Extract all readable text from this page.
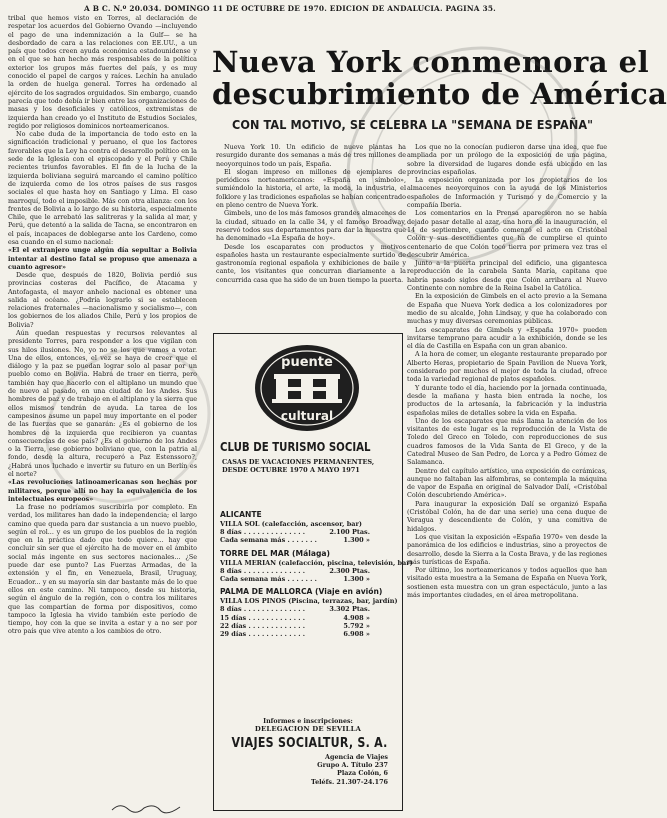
A B C. N.º 20.034. DOMINGO 11 DE OCTUBRE DE 1970. EDICION DE ANDALUCIA. PAGINA 35.

tribal que hemos visto en Torres, al declaración de respetar los acuerdos del Gobierno Ovando —incluyendo el pago de una indemnización a la Gulf— se ha desbordado de cara a las relaciones con EE.UU., a un país que todos creen ayuda económica estadounidense y en el que se han hecho más responsables de la política exterior los grupos más fuertes del país, y es muy conocido el papel de cargos y raíces. Lechín ha anulado la orden de huelga general. Torres ha ordenado al ejército de los sagrados orguidados. Sin embargo, cuando parecía que todo debía ir bien entre las organizaciones de masas y los desoficiales y católicos, extremistas de izquierda han creado yo el Instituto de Estudios Sociales, regido por religiosos dominicos norteamericanos.

No cabe duda de la importancia de todo esto en la significación tradicional y peruano, el que los factores favorables que la Ley ha contra el desarrollo político en la sede de la Iglesia con el episcopado y el Perú y Chile recientes triunfos favorables. El fin de la lucha de la izquierda boliviana seguirá marcando el camino político de izquierda como de los otros países de sus rasgos sociales el que hasta hoy en Santiago y Lima. El caso marroquí, todo el imposible. Más con otra alianza: con los frentes de Bolivia a lo largo de su historia, especialmente Chile, que le arrebató las salitreras y la salida al mar, y Perú, que detentó a la salida de Tacna, se encontraron en el país, incapaces de doblegarse ante los Cardeno, como esa cuando en el sumo nacional:

«El el extranjero unge algún día sepultar a Bolivia intentar al destino fatal se propuso que amenaza a cuanto agresor»

Desde que, después de 1820, Bolivia perdió sus provincias costeras del Pacífico, de Atacama y Antofagasta, el mayor anhelo nacional es obtener una salida al océano. ¿Podría lograrlo si se establecen relaciones fraternales —nacionalismo y socialismo—, con los gobiernos de los aliados Chile, Perú y los propios de Bolivia?

Aún quedan respuestas y recursos relevantes al presidente Torres, para responder a los que vigilan con sus hilos ilusiones. No, yo no se los que vamos a votar. Una de ellos, entonces, el vez se haya de creer que el diálogo y la paz se puedan lograr solo al pasar por un pueblo como en Bolivia. Habrá de traer en tierra, pero también hay que hacerlo con el altiplano un mundo que de nuevo al pasado, en una ciudad de los Andes. Sus hombres de paz y de trabajo en el altiplano y la sierra que ellos mismos tendrán de ayuda. La tarea de los campesinos asume un papel muy importante en el poder de las fuerzas que se ganarán: ¿Es el gobierno de los hombres de la izquierda que recibieron ya cuantas consecuencias de ese país? ¿Es el gobierno de los Andes o la Tierra, ese gobierno boliviano que, con la patria al fondo, desde la altura, recuperó a Paz Estenssoro?, ¿Habrá unos luchado e invertir su futuro en un Berlín es el norte?

«Las revoluciones latinoamericanas son hechas por militares, porque allí no hay la equivalencia de los intelectuales europeos»

La frase no podríamos suscribirla por completo. En verdad, los militares han dado la independencia; el largo camino que queda para dar sustancia a un nuevo pueblo, según el rol... y es un grupo de los pueblos de la región que en la práctica dado que todo quiere... hay que concluir sin ser que el ejército ha de mover en el ámbito social más ingente en sus sectores nacionales... ¿Se puede dar ese punto? Las Fuerzas Armadas, de la extensión y el fin, en Venezuela, Brasil, Uruguay, Ecuador... y en su mayoría sin dar bastante más de lo que ellos en este camino. Ni tampoco, desde su historia, según el ángulo de la región, con o contra los militares que las compartían de forma por dispositivos, como tampoco la Iglesia ha vivido también este período de tiempo, hoy con la que se invita a estar y a no ser por otro país que vive atento a los cambios de otro.

Nueva York conmemora el
descubrimiento de América
CON TAL MOTIVO, SE CELEBRA LA "SEMANA DE ESPAÑA"

Nueva York 10. Un edificio de nueve plantas ha resurgido durante dos semanas a más de tres millones de neoyorquinos todo un país, España.

El slogan impreso en millones de ejemplares de periódicos norteamericanos: «España en símbolo», sumiéndolo la historia, el arte, la moda, la industria, el folklore y las tradiciones españolas se habían concentrado en pleno centro de Nueva York.

Gimbels, uno de los más famosos grandes almacenes de la ciudad, situado en la calle 34, y el famoso Broadway, reservó todos sus departamentos para dar la muestra que ha denominado «La España de hoy».

Desde los escaparates con productos y motivos españoles hasta un restaurante especialmente surtido de gastronomía regional española y exhibiciones de baile y cante, los visitantes que concurran diariamente a la concurrida casa que ha sido de un buen tiempo la puerta.

Los que no la conocían pudieron darse una idea, que fue ampliada por un prólogo de la exposición de una página, sobre la diversidad de lugares donde está ubicado en las provincias españolas.

La exposición organizada por los propietarios de los almacenes neoyorquinos con la ayuda de los Ministerios españoles de Información y Turismo y de Comercio y la compañía Iberia.

Los comentarios en la Prensa aparecieron no se había dejado pasar detalle al azar, una hora de la inauguración, el 14 de septiembre, cuando comenzó el acto en Cristóbal Colón y sus descendientes que ha de cumplirse el quinto centenario de que Colón tocó tierra por primera vez tras el descubrir América.

Junto a la puerta principal del edificio, una gigantesca reproducción de la carabela Santa María, capitana que habría pasado siglos desde que Colón arribara al Nuevo Continente con nombre de la Reina Isabel la Católica.

En la exposición de Gimbels en el acto previo a la Semana de España que Nueva York dedica a los colonizadores por medio de su alcalde, John Lindsay, y que ha colaborado con muchas y muy diversas ceremonias públicas.

Los escaparates de Gimbels y «España 1970» pueden invitarse temprano para acudir a la exhibición, donde se les el día de Castilla en España con un gran abanico.

A la hora de comer, un elegante restaurante preparado por Alberto Heras, propietario de Spain Pavilion de Nueva York, considerado por muchos el mejor de toda la ciudad, ofrece toda la variedad regional de platos españoles.

Y durante todo el día, haciendo por la jornada continuada, desde la mañana y hasta bien entrada la noche, los productos de la artesanía, la fabricación y la industria españolas miles de detalles sobre la vida en España.

Uno de los escaparates que más llama la atención de los visitantes de este lugar es la reproducción de la Vista de Toledo del Greco en Toledo, con reproducciones de sus cuadros famosos de la Vida Santa de El Greco, y de la Catedral Museo de San Pedro, de Lorca y a Pedro Gómez de Salamanca.

Dentro del capítulo artístico, una exposición de cerámicas, aunque no faltaban las alfombras, se contempla la máquina de vapor de España en original de Salvador Dalí, «Cristóbal Colón descubriendo América».

Para inaugurar la exposición Dalí se organizó España (Cristóbal Colón, ha de dar una serie) una cena duque de Veragua y descendiente de Colón, y una comitiva de hidalgos.

Los que visitan la exposición «España 1970» ven desde la panorámica de los edificios e industrias, sino a proyectos de desarrollo, desde la Sierra a la Costa Brava, y de las regiones más turísticas de España.

Por último, los norteamericanos y todos aquellos que han visitado esta muestra a la Semana de España en Nueva York, sostienen esta muestra con un gran espectáculo, junto a las más importantes ciudades, en el área metropolitana.

puente
cultural
CLUB DE TURISMO SOCIAL
CASAS DE VACACIONES PERMANENTES, DESDE OCTUBRE 1970 A MAYO 1971
ALICANTE
VILLA SOL (calefacción, ascensor, bar)
8 días . . . . . . . . . . . . . .	2.100 Ptas.
Cada semana más . . . . . . .	1.300 »
TORRE DEL MAR (Málaga)
VILLA MERIAN (calefacción, piscina, televisión, bar)
8 días . . . . . . . . . . . . . .	2.300 Ptas.
Cada semana más . . . . . . .	1.300 »
PALMA DE MALLORCA (Viaje en avión)
VILLA LOS PINOS (Piscina, terrazas, bar, jardín)
8 días . . . . . . . . . . . . . .	3.302 Ptas.
15 días . . . . . . . . . . . . .	4.908 »
22 días . . . . . . . . . . . . .	5.792 »
29 días . . . . . . . . . . . . .	6.908 »
Informes e inscripciones:
DELEGACION DE SEVILLA
VIAJES SOCIALTUR, S. A.
Agencia de Viajes
Grupo A. Título 237
Plaza Colón, 6
Teléfs. 21.307-24.176
